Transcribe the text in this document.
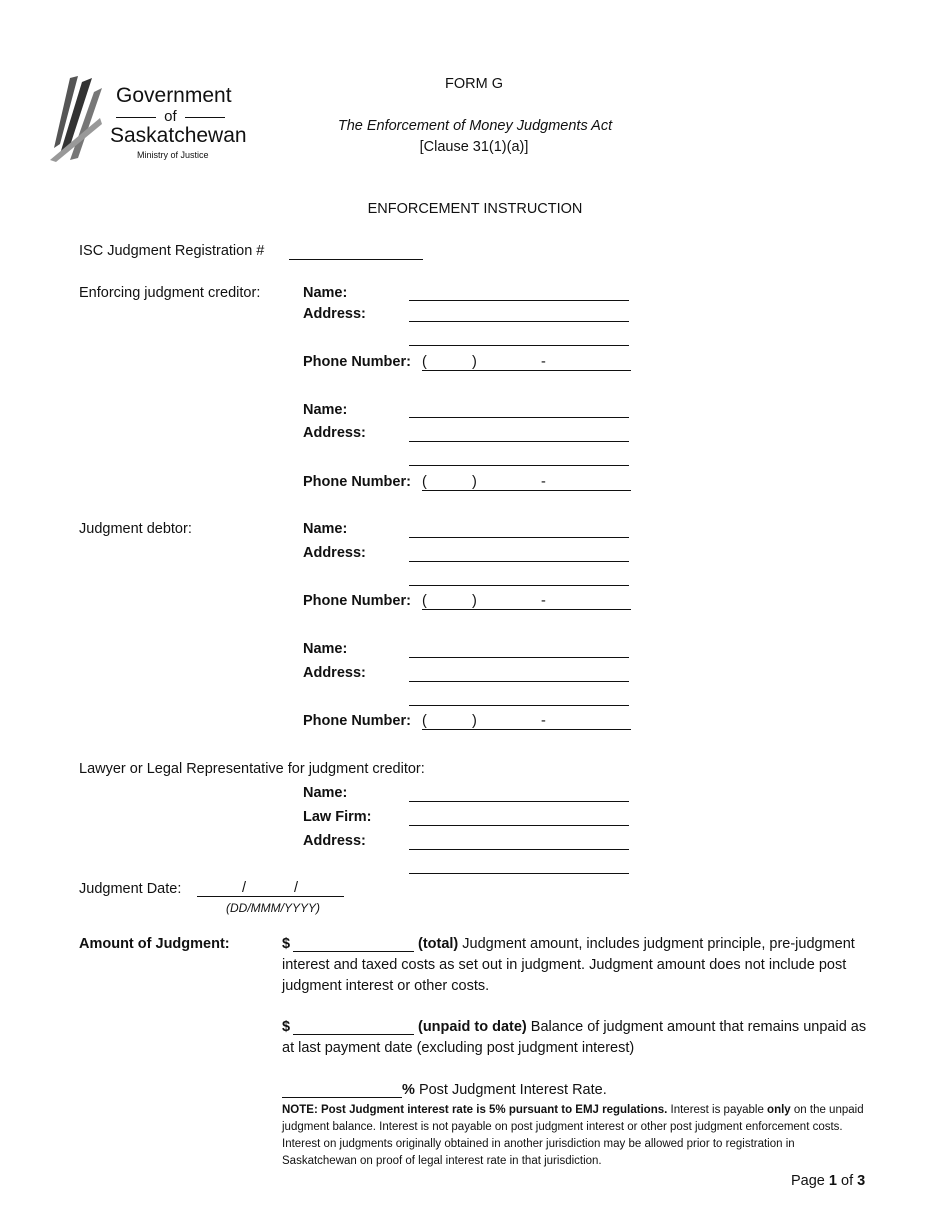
Government
of
Saskatchewan
Ministry of Justice
FORM G
The Enforcement of Money Judgments Act
[Clause 31(1)(a)]
ENFORCEMENT INSTRUCTION
ISC Judgment Registration #
Enforcing judgment creditor:	Name:
Address:
Phone Number: (	)	-
Name:
Address:
Phone Number: (	)	-
Judgment debtor:	Name:
Address:
Phone Number: (	)	-
Name:
Address:
Phone Number: (	)	-
Lawyer or Legal Representative for judgment creditor:
Name:
Law Firm:
Address:
Judgment Date:	/	/
(DD/MMM/YYYY)
Amount of Judgment:	$	(total) Judgment amount, includes judgment principle, pre-judgment interest and taxed costs as set out in judgment. Judgment amount does not include post judgment interest or other costs.
$	(unpaid to date) Balance of judgment amount that remains unpaid as at last payment date (excluding post judgment interest)
% Post Judgment Interest Rate.
NOTE: Post Judgment interest rate is 5% pursuant to EMJ regulations. Interest is payable only on the unpaid judgment balance. Interest is not payable on post judgment interest or other post judgment enforcement costs. Interest on judgments originally obtained in another jurisdiction may be allowed prior to registration in Saskatchewan on proof of legal interest rate in that jurisdiction.
Page 1 of 3
